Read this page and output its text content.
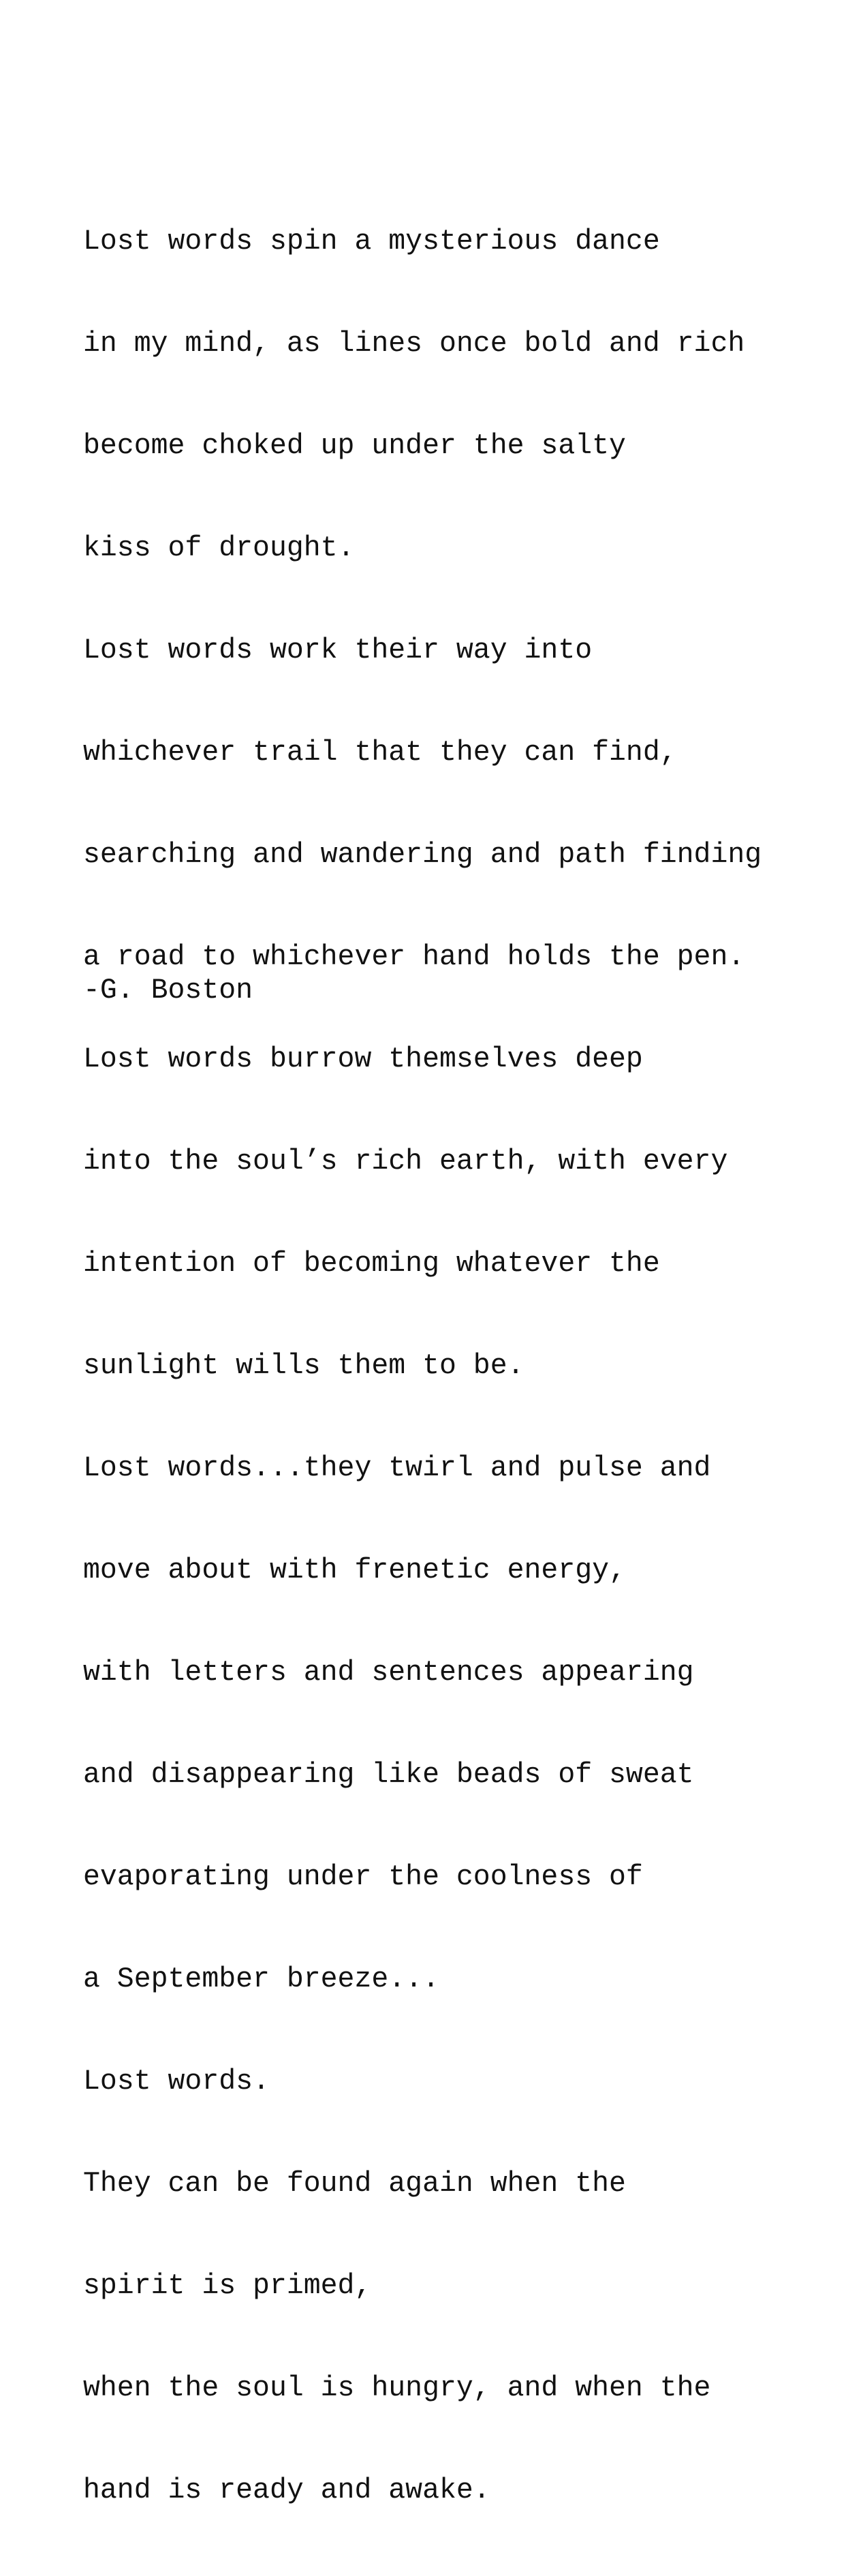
Lost words spin a mysterious dance

in my mind, as lines once bold and rich

become choked up under the salty

kiss of drought.

Lost words work their way into

whichever trail that they can find,

searching and wandering and path finding

a road to whichever hand holds the pen.

Lost words burrow themselves deep

into the soul’s rich earth, with every

intention of becoming whatever the

sunlight wills them to be.

Lost words...they twirl and pulse and

move about with frenetic energy,

with letters and sentences appearing

and disappearing like beads of sweat

evaporating under the coolness of

a September breeze...

Lost words.

They can be found again when the

spirit is primed,

when the soul is hungry, and when the

hand is ready and awake.

-G. Boston
